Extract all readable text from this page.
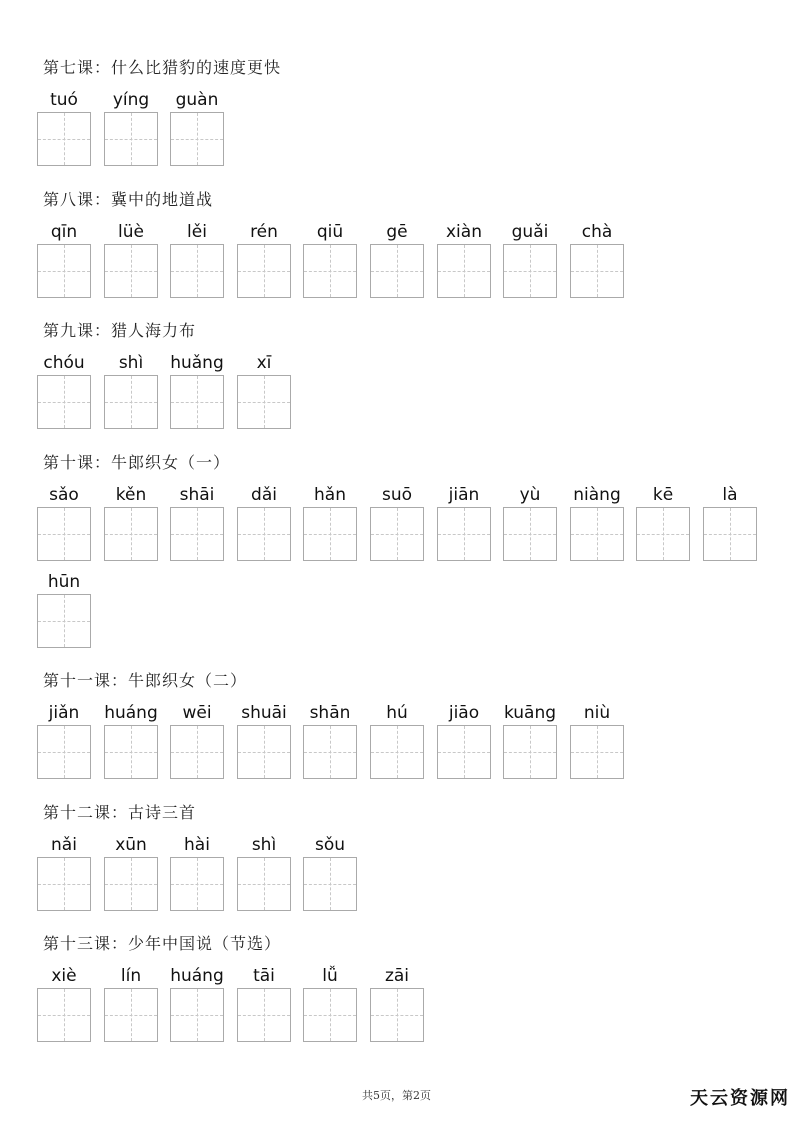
第七课：什么比猎豹的速度更快
tuó	yíng	guàn
第八课：冀中的地道战
qīn	lüè	lěi	rén	qiū	gē	xiàn	guǎi	chà
第九课：猎人海力布
chóu	shì	huǎng	xī
第十课：牛郎织女（一）
sǎo	kěn	shāi	dǎi	hǎn	suō	jiān	yù	niàng	kē	là
hūn
第十一课：牛郎织女（二）
jiǎn	huáng	wēi	shuāi	shān	hú	jiāo	kuāng	niù
第十二课：古诗三首
nǎi	xūn	hài	shì	sǒu
第十三课：少年中国说（节选）
xiè	lín	huáng	tāi	lǚ	zāi
共5页，第2页	天云资源网
